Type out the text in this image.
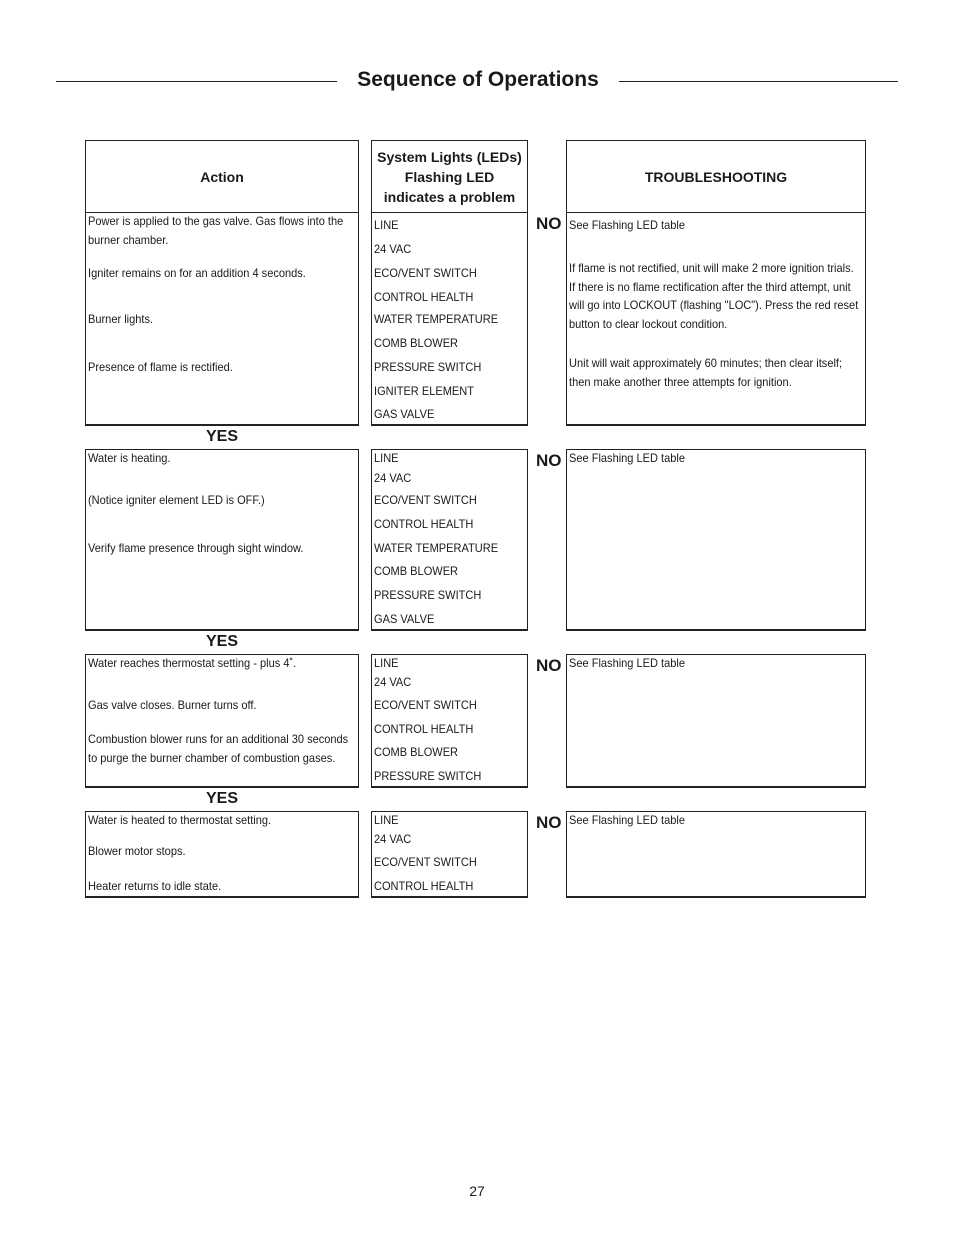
Sequence of Operations
Action
System Lights (LEDs) Flashing LED indicates a problem
TROUBLESHOOTING
Power is applied to the gas valve. Gas flows into the burner chamber.
Igniter remains on for an addition 4 seconds.
Burner lights.
Presence of flame is rectified.
LINE
24 VAC
ECO/VENT SWITCH
CONTROL HEALTH
WATER TEMPERATURE
COMB BLOWER
PRESSURE SWITCH
IGNITER ELEMENT
GAS VALVE
NO See Flashing LED table
If flame is not rectified, unit will make 2 more ignition trials. If there is no flame rectification after the third attempt, unit will go into LOCKOUT (flashing "LOC"). Press the red reset button to clear lockout condition.
Unit will wait approximately 60 minutes; then clear itself; then make another three attempts for ignition.
YES
Water is heating.
(Notice igniter element LED is OFF.)
Verify flame presence through sight window.
LINE
24 VAC
ECO/VENT SWITCH
CONTROL HEALTH
WATER TEMPERATURE
COMB BLOWER
PRESSURE SWITCH
GAS VALVE
NO See Flashing LED table
YES
Water reaches thermostat setting - plus 4˚.
Gas valve closes. Burner turns off.
Combustion blower runs for an additional 30 seconds to purge the burner chamber of combustion gases.
LINE
24 VAC
ECO/VENT SWITCH
CONTROL HEALTH
COMB BLOWER
PRESSURE SWITCH
NO See Flashing LED table
YES
Water is heated to thermostat setting.
Blower motor stops.
Heater returns to idle state.
LINE
24 VAC
ECO/VENT SWITCH
CONTROL HEALTH
NO See Flashing LED table
27
